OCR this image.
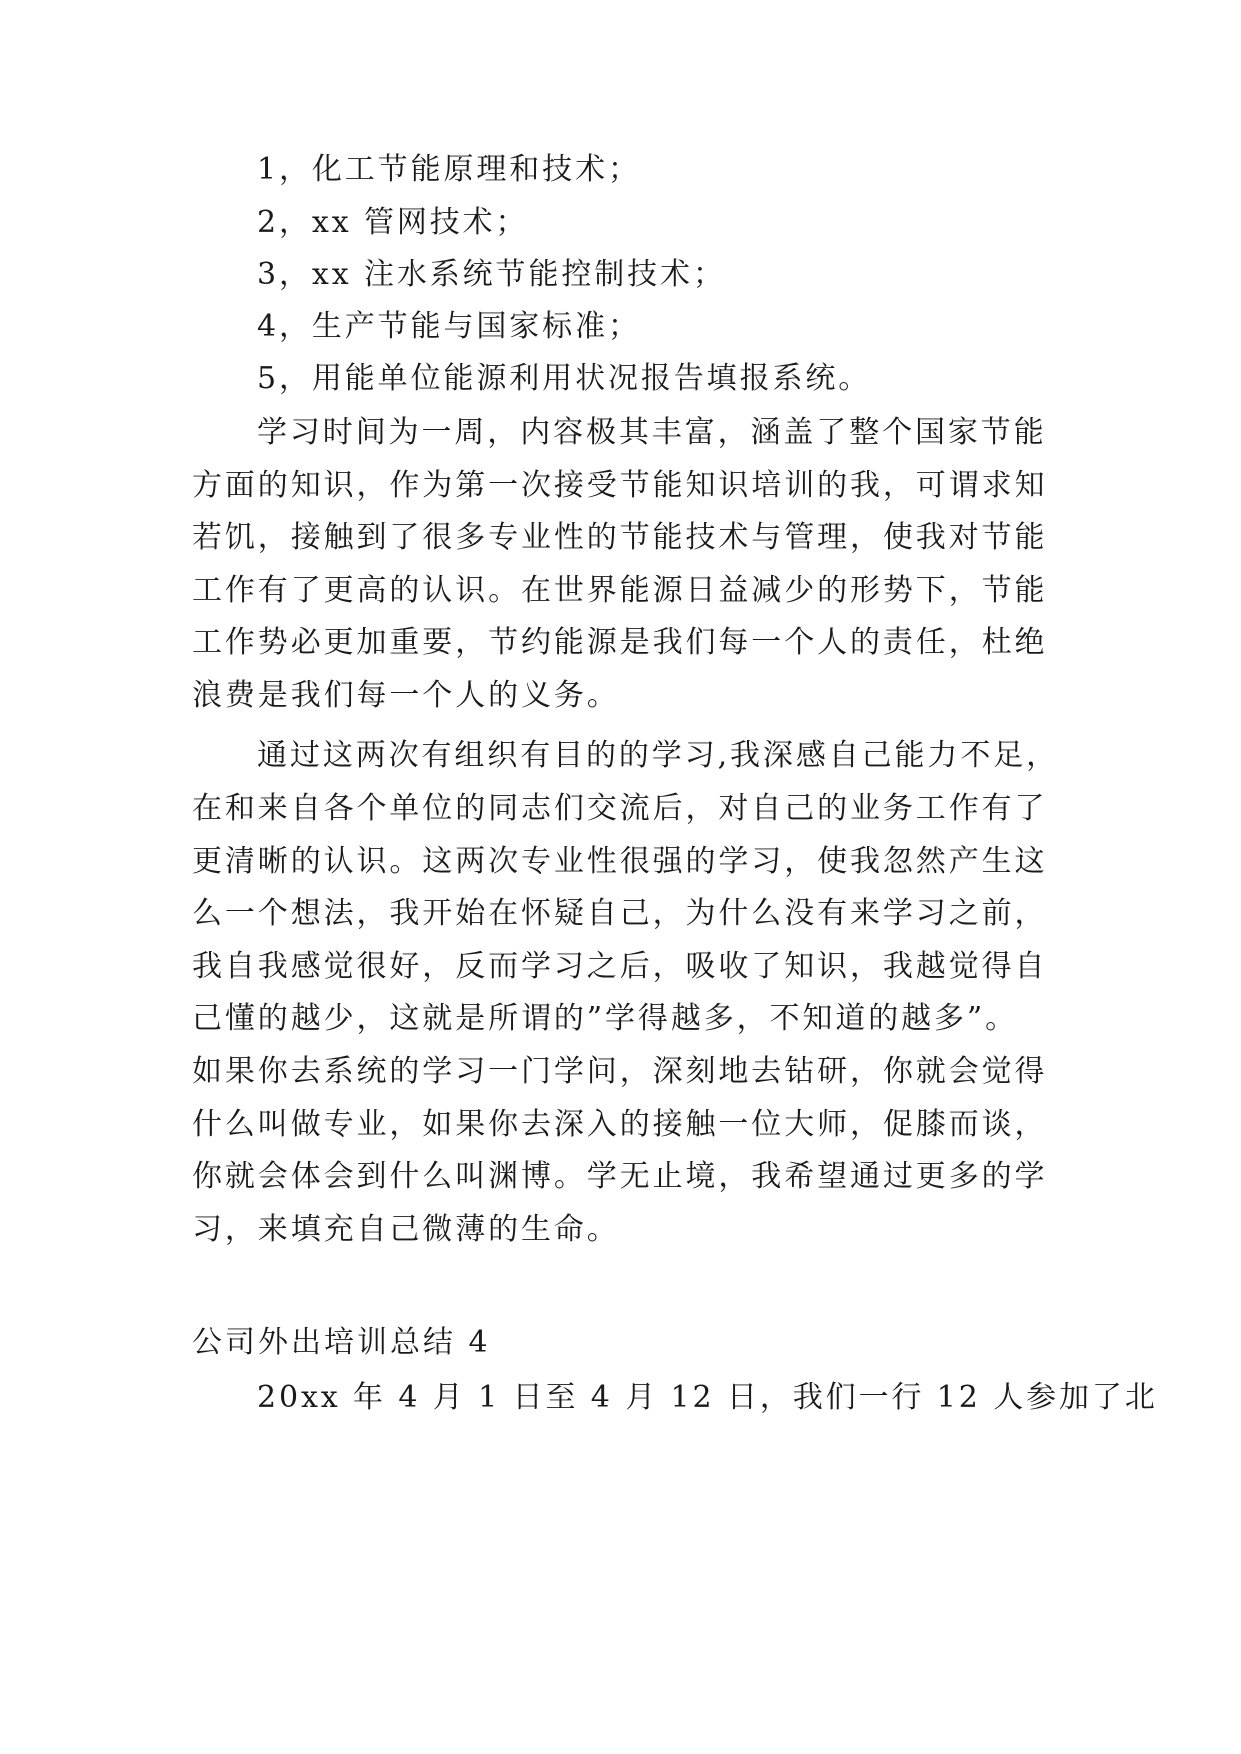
1，化工节能原理和技术；
2，xx 管网技术；
3，xx 注水系统节能控制技术；
4，生产节能与国家标准；
5，用能单位能源利用状况报告填报系统。
学习时间为一周，内容极其丰富，涵盖了整个国家节能
方面的知识，作为第一次接受节能知识培训的我，可谓求知
若饥，接触到了很多专业性的节能技术与管理，使我对节能
工作有了更高的认识。在世界能源日益减少的形势下，节能
工作势必更加重要，节约能源是我们每一个人的责任，杜绝
浪费是我们每一个人的义务。
通过这两次有组织有目的的学习,我深感自己能力不足，
在和来自各个单位的同志们交流后，对自己的业务工作有了
更清晰的认识。这两次专业性很强的学习，使我忽然产生这
么一个想法，我开始在怀疑自己，为什么没有来学习之前，
我自我感觉很好，反而学习之后，吸收了知识，我越觉得自
己懂的越少，这就是所谓的”学得越多，不知道的越多”。
如果你去系统的学习一门学问，深刻地去钻研，你就会觉得
什么叫做专业，如果你去深入的接触一位大师，促膝而谈，
你就会体会到什么叫渊博。学无止境，我希望通过更多的学
习，来填充自己微薄的生命。
公司外出培训总结 4
20xx 年 4 月 1 日至 4 月 12 日，我们一行 12 人参加了北
